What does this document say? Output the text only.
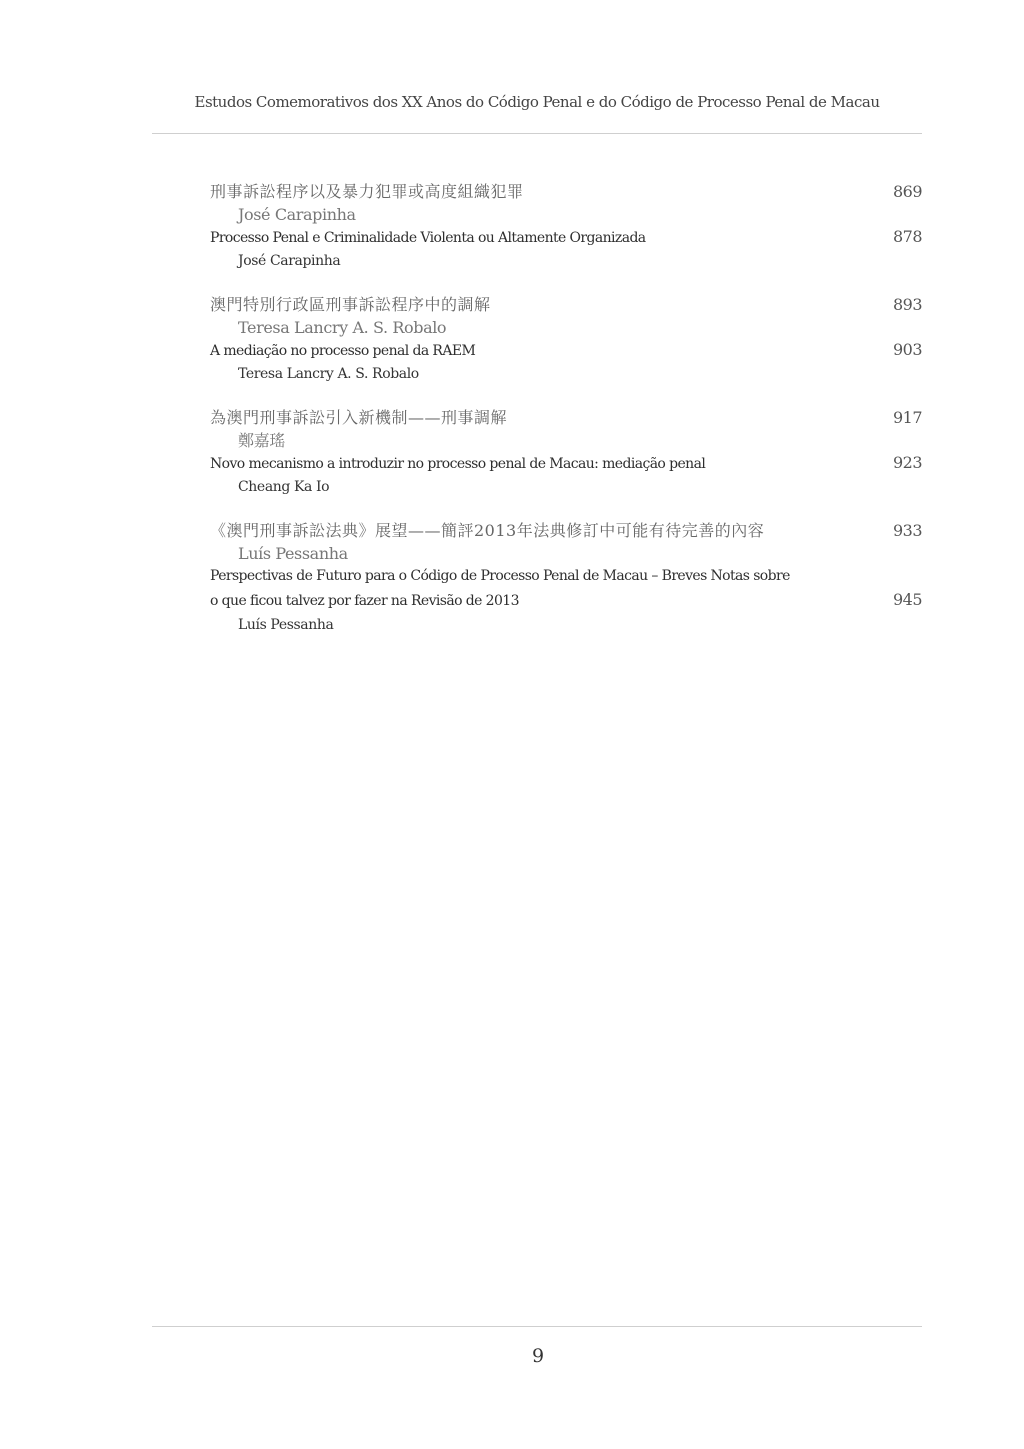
Estudos Comemorativos dos XX Anos do Código Penal e do Código de Processo Penal de Macau
刑事訴訟程序以及暴力犯罪或高度組織犯罪	869
José Carapinha
Processo Penal e Criminalidade Violenta ou Altamente Organizada	878
José Carapinha
澳門特別行政區刑事訴訟程序中的調解	893
Teresa Lancry A. S. Robalo
A mediação no processo penal da RAEM	903
Teresa Lancry A. S. Robalo
為澳門刑事訴訟引入新機制——刑事調解	917
鄭嘉瑤
Novo mecanismo a introduzir no processo penal de Macau: mediação penal	923
Cheang Ka Io
《澳門刑事訴訟法典》展望——簡評2013年法典修訂中可能有待完善的內容	933
Luís Pessanha
Perspectivas de Futuro para o Código de Processo Penal de Macau – Breves Notas sobre
o que ficou talvez por fazer na Revisão de 2013	945
Luís Pessanha
9
